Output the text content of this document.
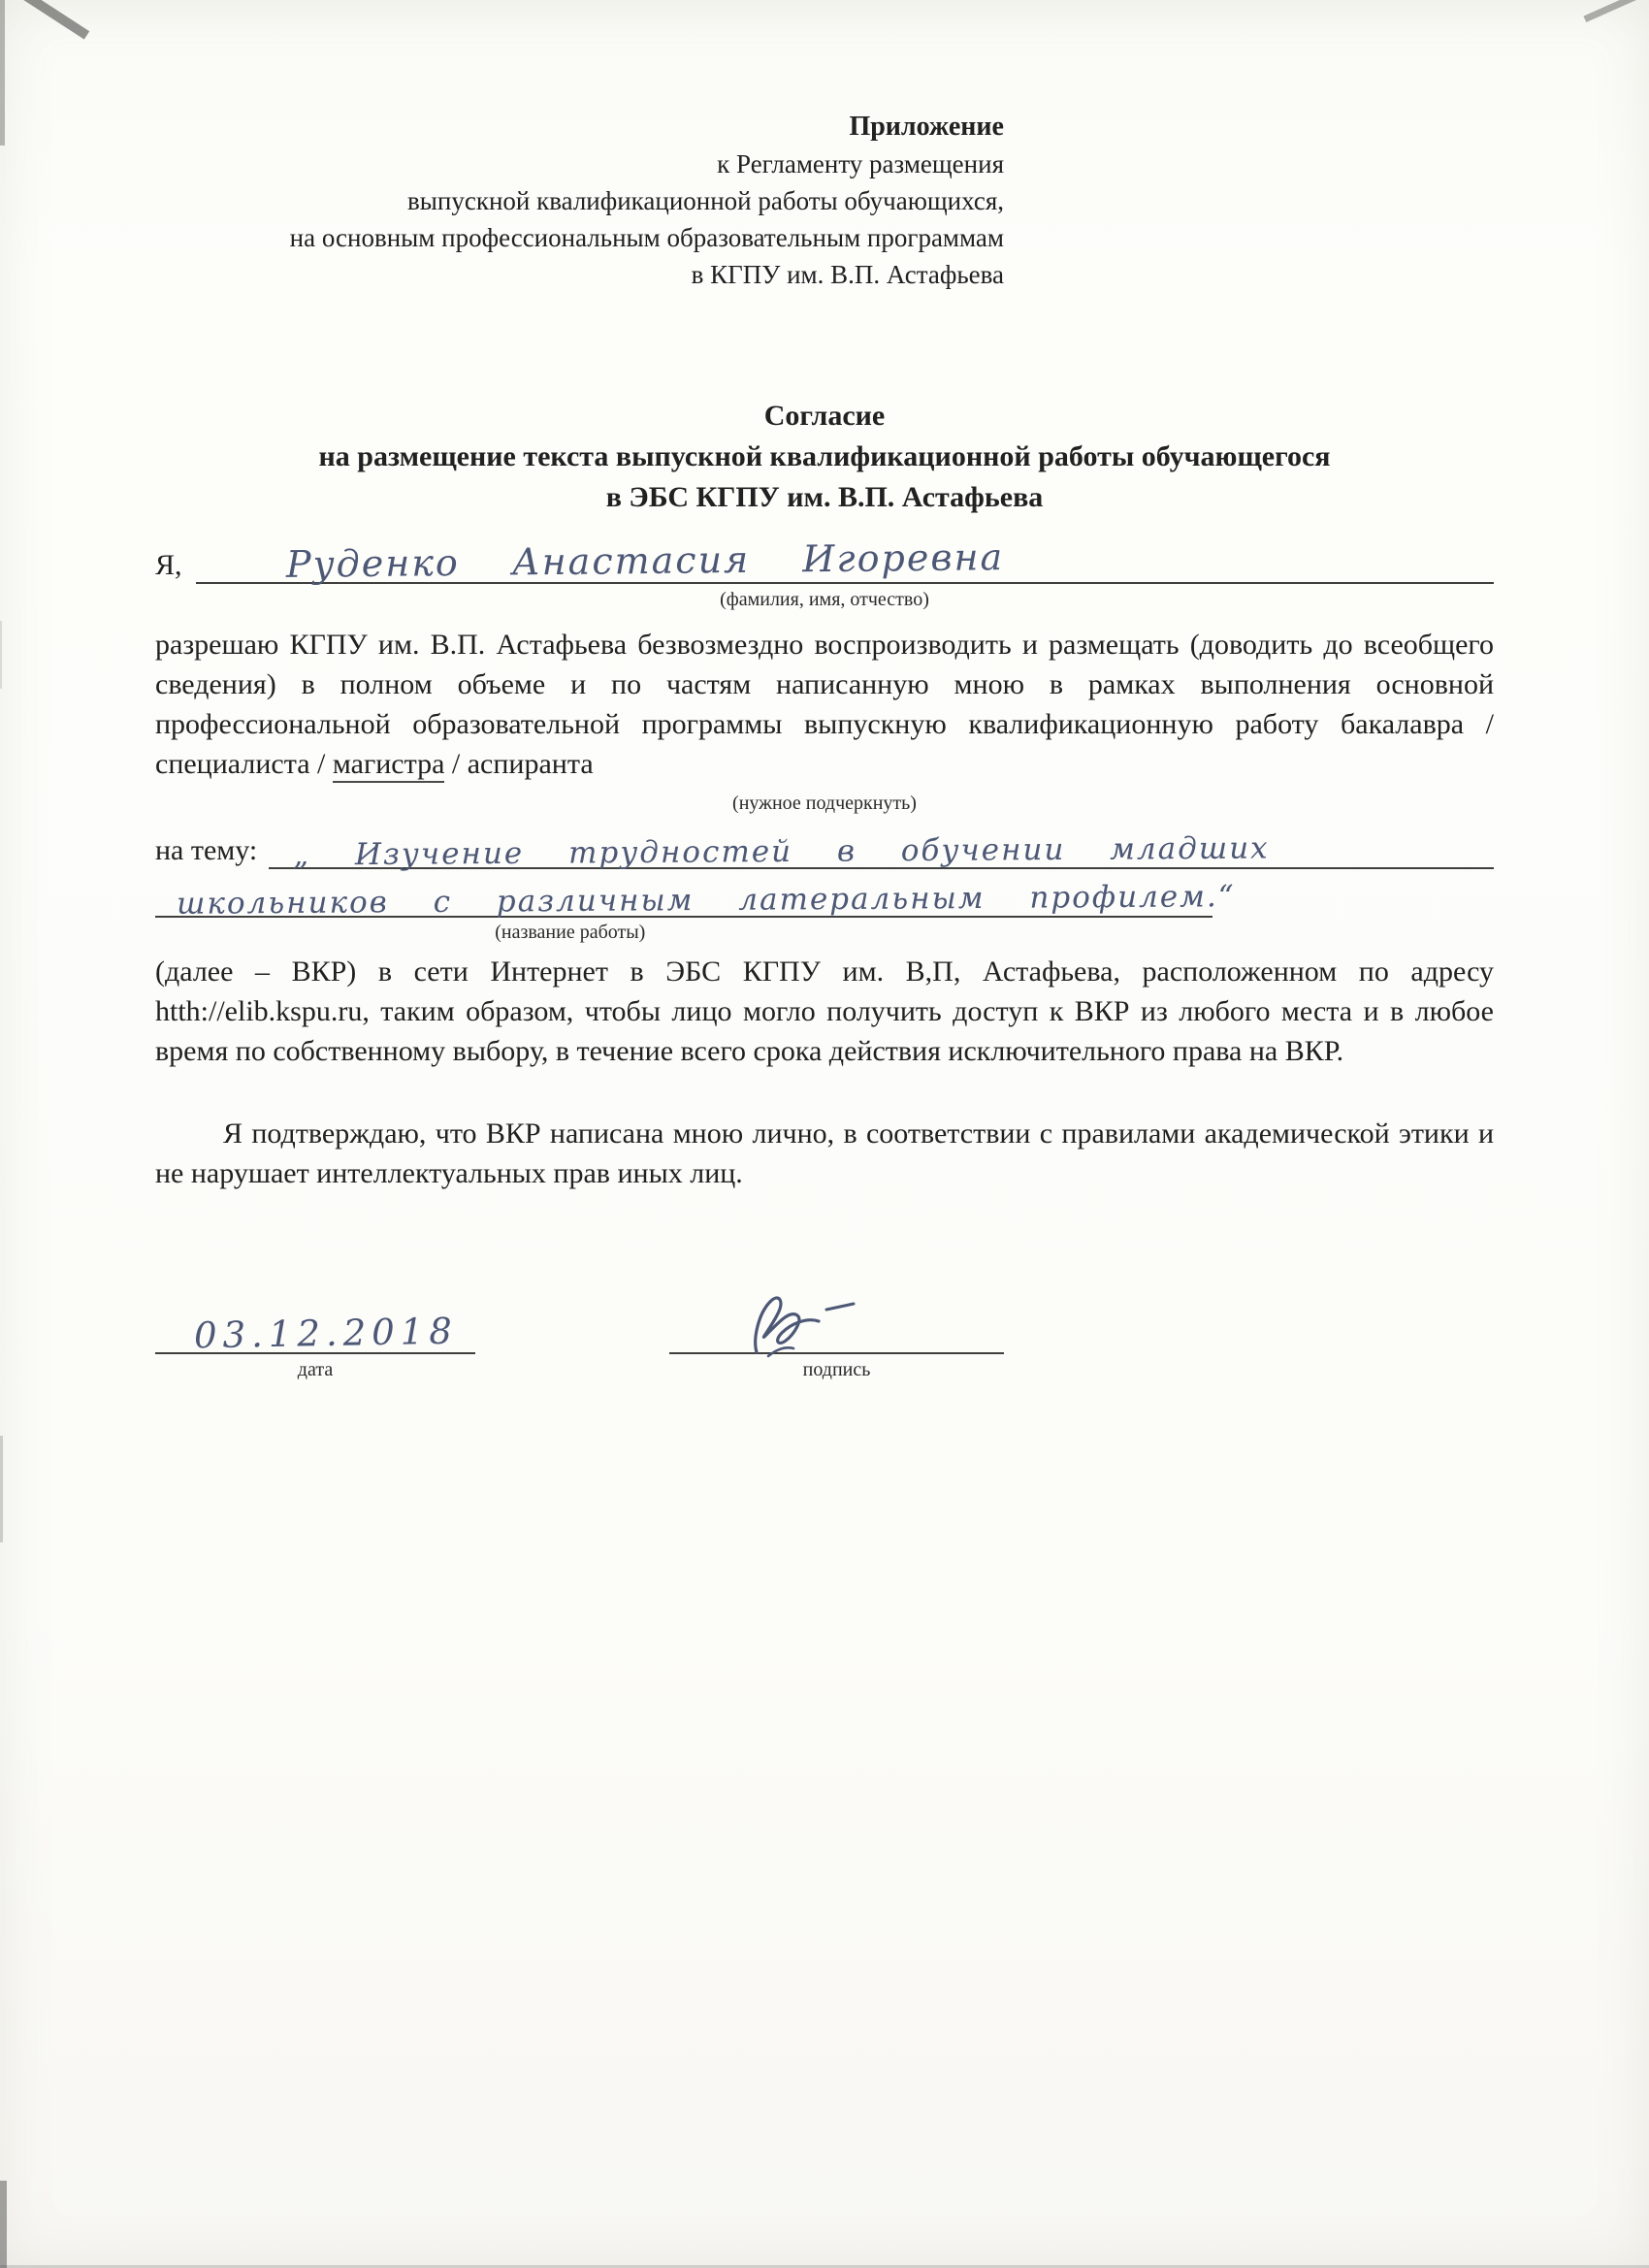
Приложение
к Регламенту размещения
выпускной квалификационной работы обучающихся,
на основным профессиональным образовательным программам
в КГПУ им. В.П. Астафьева
Согласие
на размещение текста выпускной квалификационной работы обучающегося
в ЭБС КГПУ им. В.П. Астафьева
Я,	Руденко Анастасия Игоревна
(фамилия, имя, отчество)

разрешаю КГПУ им. В.П. Астафьева безвозмездно воспроизводить и размещать (доводить до всеобщего сведения) в полном объеме и по частям написанную мною в рамках выполнения основной профессиональной образовательной программы выпускную квалификационную работу бакалавра / специалиста / магистра / аспиранта

(нужное подчеркнуть)
на тему: „ Изучение трудностей в обучении младших
школьников с различным латеральным профилем.“
(название работы)

(далее – ВКР) в сети Интернет в ЭБС КГПУ им. В,П, Астафьева, расположенном по адресу htth://elib.kspu.ru, таким образом, чтобы лицо могло получить доступ к ВКР из любого места и в любое время по собственному выбору, в течение всего срока действия исключительного права на ВКР.

Я подтверждаю, что ВКР написана мною лично, в соответствии с правилами академической этики и не нарушает интеллектуальных прав иных лиц.

03.12.2018
дата	подпись
